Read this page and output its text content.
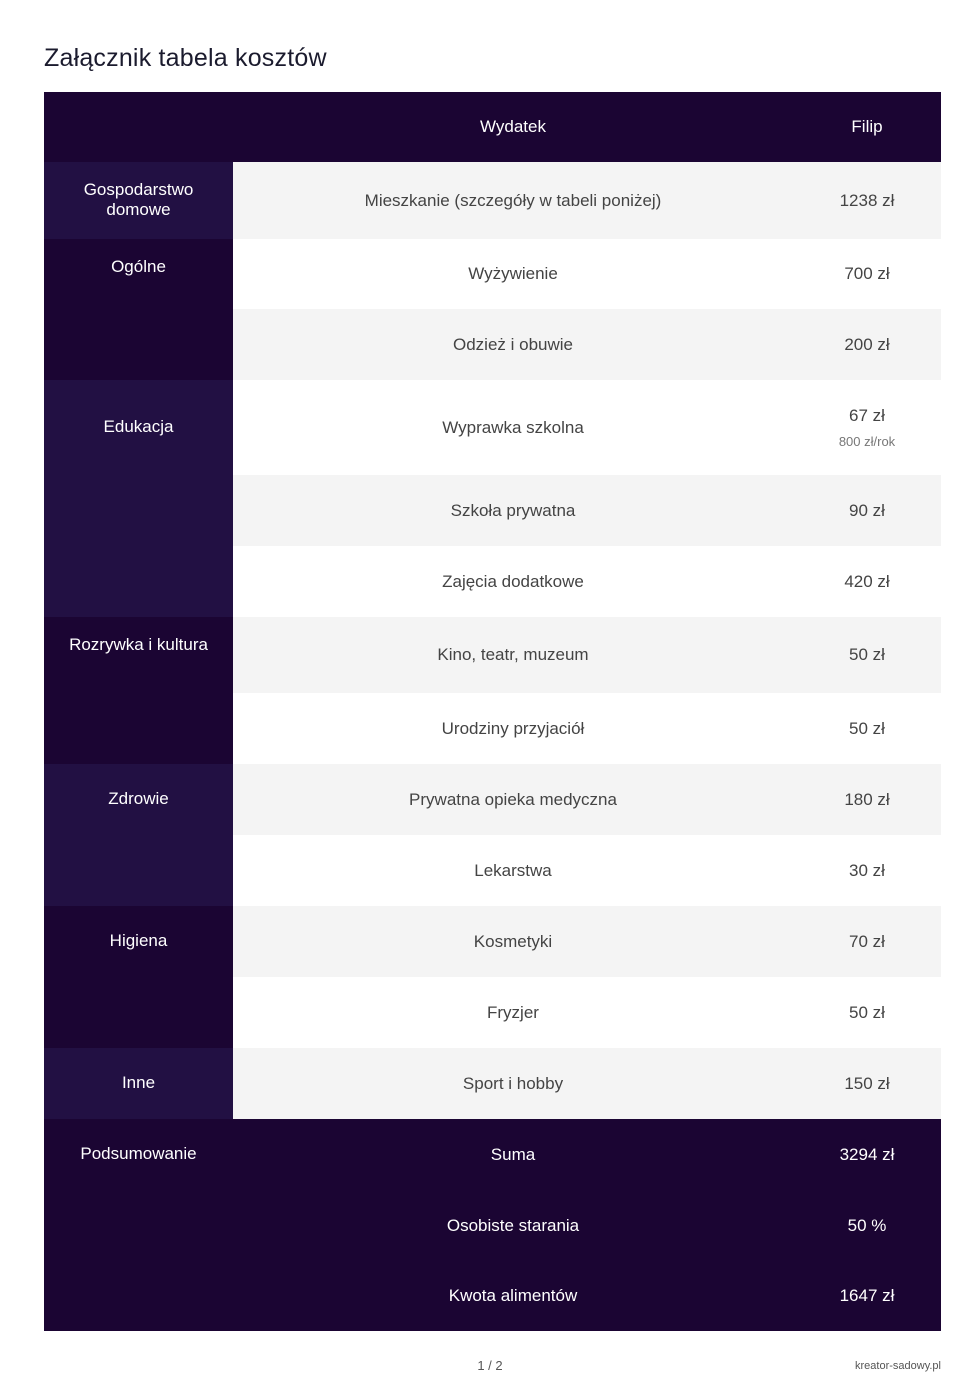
Załącznik tabela kosztów
	Wydatek	Filip
Gospodarstwo domowe	Mieszkanie (szczegóły w tabeli poniżej)	1238 zł
Ogólne	Wyżywienie	700 zł
	Odzież i obuwie	200 zł
Edukacja	Wyprawka szkolna	67 zł
800 zł/rok

	Szkoła prywatna	90 zł
	Zajęcia dodatkowe	420 zł
Rozrywka i kultura	Kino, teatr, muzeum	50 zł
	Urodziny przyjaciół	50 zł
Zdrowie	Prywatna opieka medyczna	180 zł
	Lekarstwa	30 zł
Higiena	Kosmetyki	70 zł
	Fryzjer	50 zł
Inne	Sport i hobby	150 zł
Podsumowanie	Suma	3294 zł
	Osobiste starania	50 %
	Kwota alimentów	1647 zł
1 / 2	kreator-sadowy.pl
